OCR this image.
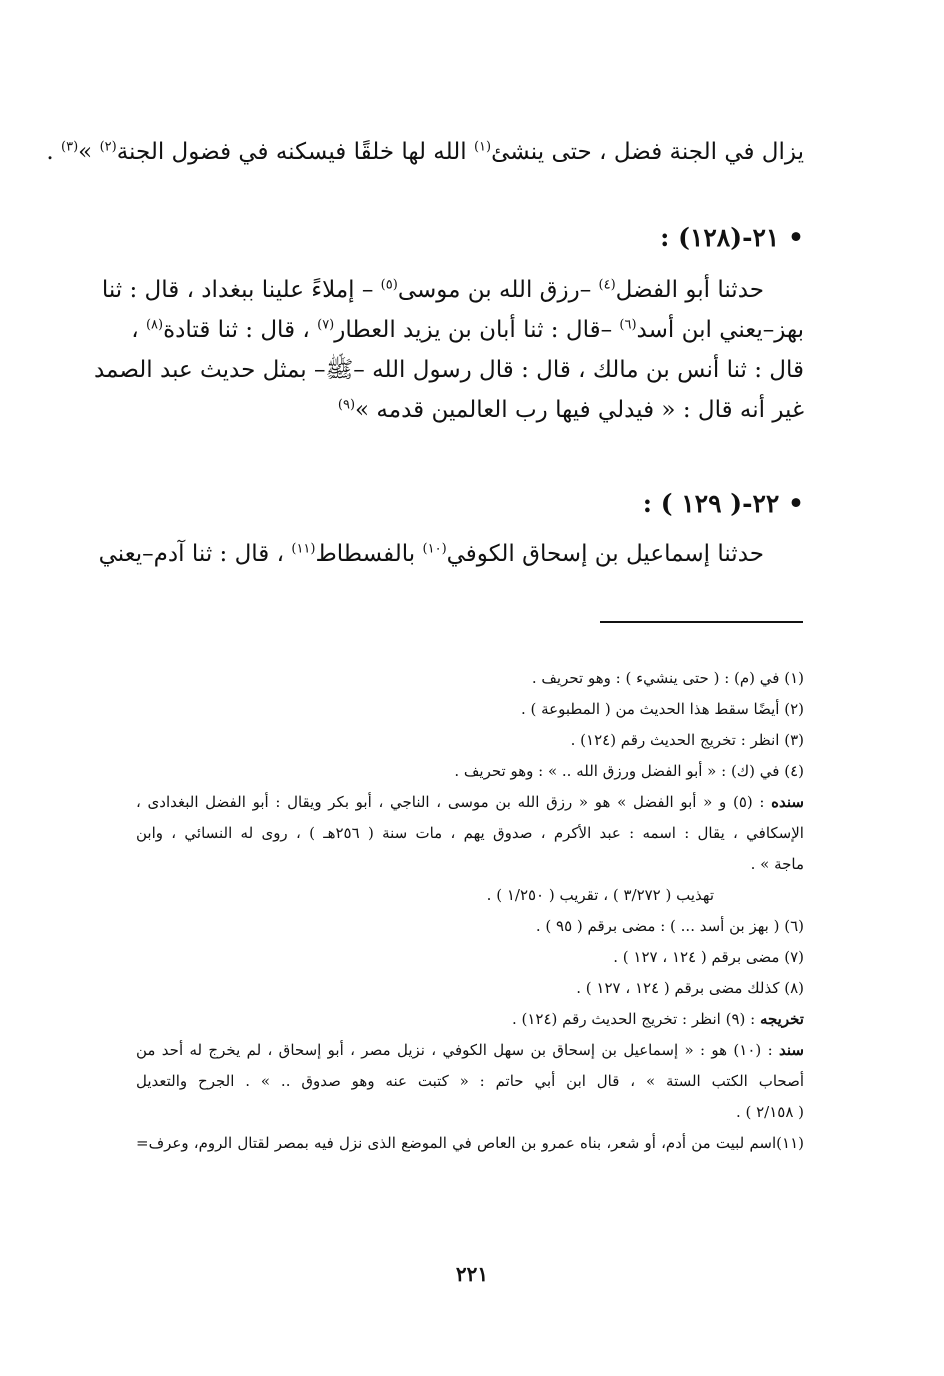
يزال في الجنة فضل ، حتى ينشئ$^{(١)}$ الله لها خلقًا فيسكنه في فضول الجنة$^{(٢)}$ »$^{(٣)}$ .
• ٢١-(١٢٨) :
حدثنا أبو الفضل$^{(٤)}$ –رزق الله بن موسى$^{(٥)}$ – إملاءً علينا ببغداد ، قال : ثنا
بهز–يعني ابن أسد$^{(٦)}$ –قال : ثنا أبان بن يزيد العطار$^{(٧)}$ ، قال : ثنا قتادة$^{(٨)}$ ،
قال : ثنا أنس بن مالك ، قال : قال رسول الله –ﷺ– بمثل حديث عبد الصمد
غير أنه قال : « فيدلي فيها رب العالمين قدمه »$^{(٩)}$
• ٢٢-( ١٢٩ ) :
حدثنا إسماعيل بن إسحاق الكوفي$^{(١٠)}$ بالفسطاط$^{(١١)}$ ، قال : ثنا آدم–يعني
(١) في (م) : ( حتى ينشيء ) : وهو تحريف .
(٢) أيضًا سقط هذا الحديث من ( المطبوعة ) .
(٣) انظر : تخريج الحديث رقم (١٢٤) .
(٤) في (ك) : « أبو الفضل ورزق الله .. » : وهو تحريف .
سنده : (٥) و « أبو الفضل » هو « رزق الله بن موسى ، الناجي ، أبو بكر ويقال : أبو الفضل البغدادى ،
الإسكافي ، يقال : اسمه : عبد الأكرم ، صدوق يهم ، مات سنة ( ٢٥٦هـ ) ، روى له النسائي ، وابن
ماجة » .
تهذيب ( ٣/٢٧٢ ) ، تقريب ( ١/٢٥٠ ) .
(٦) ( بهز بن أسد ... ) : مضى برقم ( ٩٥ ) .
(٧) مضى برقم ( ١٢٤ ، ١٢٧ ) .
(٨) كذلك مضى برقم ( ١٢٤ ، ١٢٧ ) .
تخريجه : (٩) انظر : تخريج الحديث رقم (١٢٤) .
سند : (١٠) هو : « إسماعيل بن إسحاق بن سهل الكوفي ، نزيل مصر ، أبو إسحاق ، لم يخرج له أحد من
أصحاب الكتب الستة » ، قال ابن أبي حاتم : « كتبت عنه وهو صدوق .. » . الجرح والتعديل
( ٢/١٥٨ ) .
(١١)اسم لبيت من أدم، أو شعر، بناه عمرو بن العاص في الموضع الذى نزل فيه بمصر لقتال الروم، وعرف=
٢٢١
